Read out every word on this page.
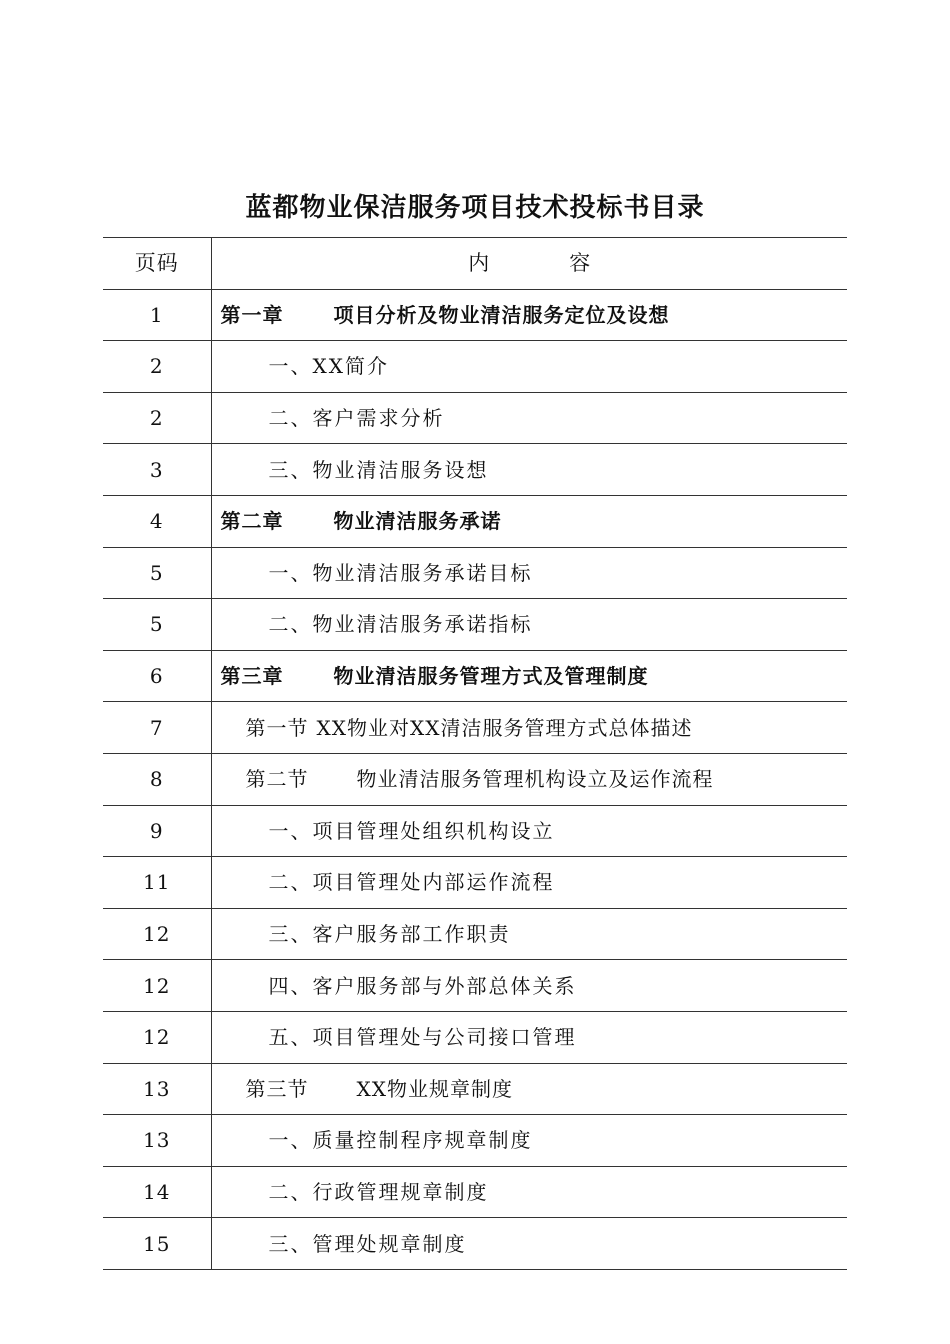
蓝都物业保洁服务项目技术投标书目录
页码	内 容
1	第一章 项目分析及物业清洁服务定位及设想
2	一、XX简介
2	二、客户需求分析
3	三、物业清洁服务设想
4	第二章 物业清洁服务承诺
5	一、物业清洁服务承诺目标
5	二、物业清洁服务承诺指标
6	第三章 物业清洁服务管理方式及管理制度
7	第一节 XX物业对XX清洁服务管理方式总体描述
8	第二节 物业清洁服务管理机构设立及运作流程
9	一、项目管理处组织机构设立
11	二、项目管理处内部运作流程
12	三、客户服务部工作职责
12	四、客户服务部与外部总体关系
12	五、项目管理处与公司接口管理
13	第三节 XX物业规章制度
13	一、质量控制程序规章制度
14	二、行政管理规章制度
15	三、管理处规章制度
